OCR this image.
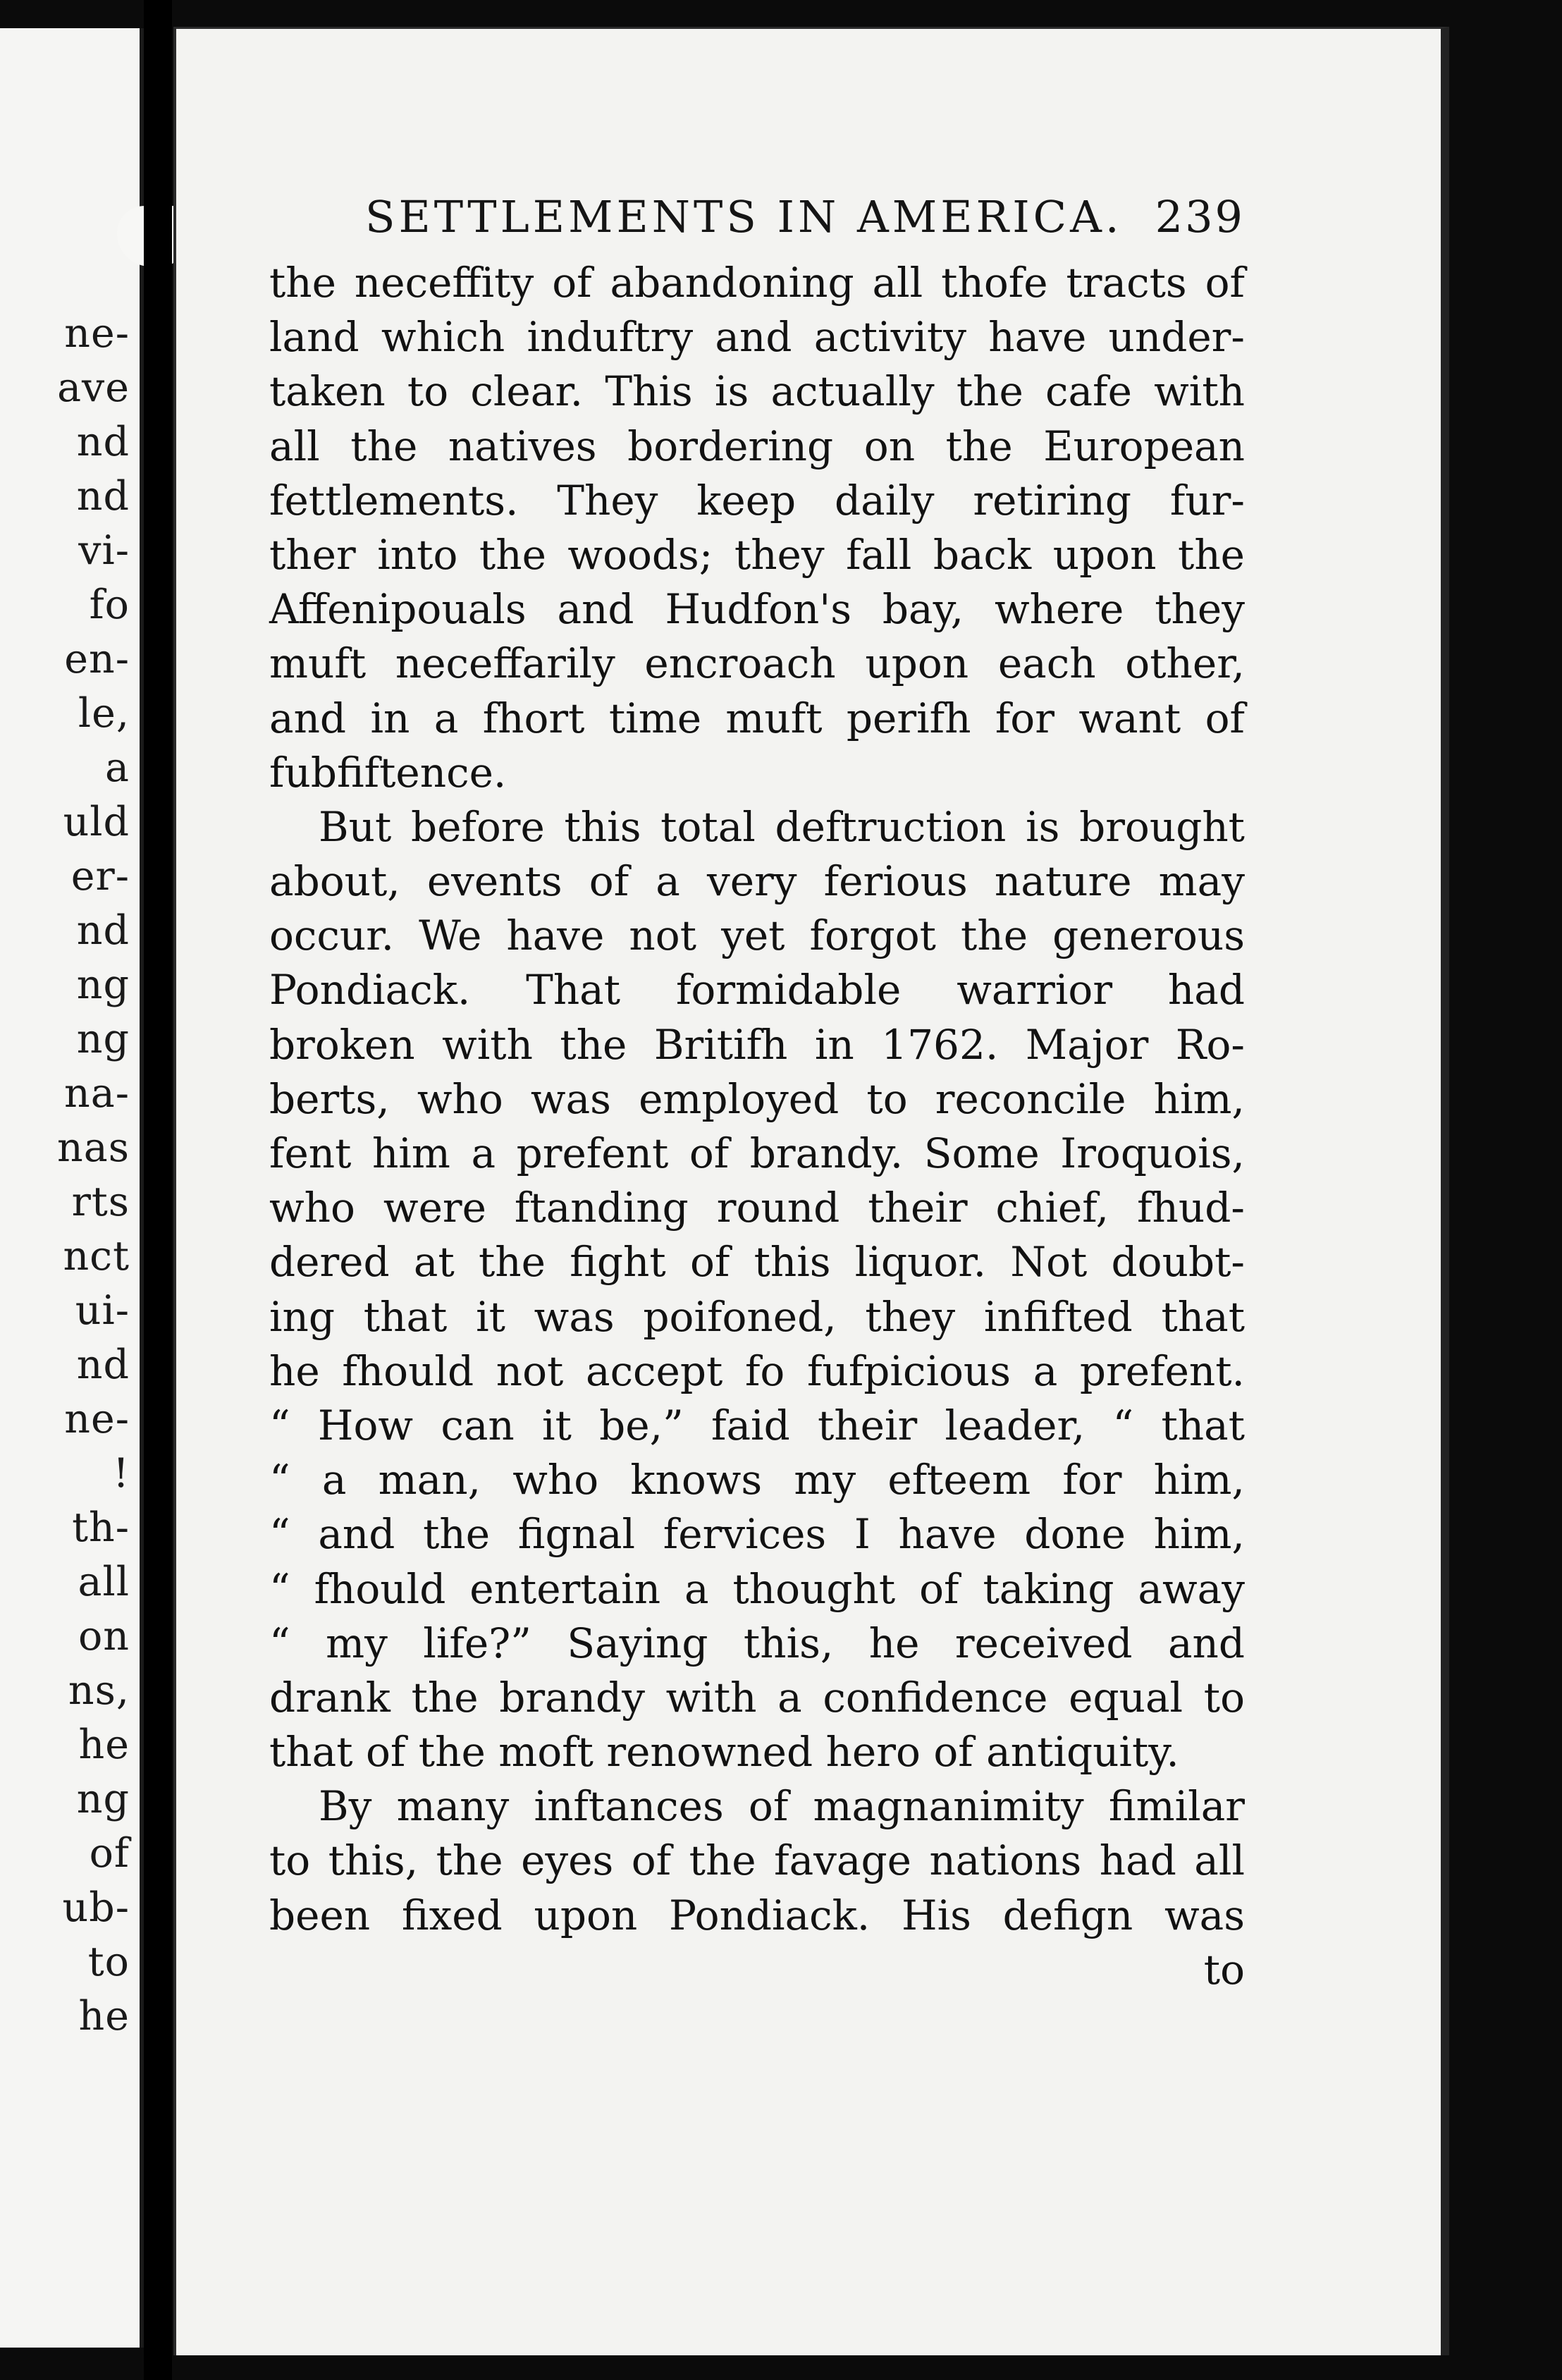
ne-
ave
nd
nd
vi-
fo
en-
le,
a
uld
er-
nd
ng
ng
na-
nas
rts
nct
ui-
nd
ne-
!
th-
all
on
ns,
he
ng
of
ub-
to
he
SETTLEMENTS IN AMERICA. 239
the neceffity of abandoning all thofe tracts of
land which induftry and activity have under-
taken to clear. This is actually the cafe with
all the natives bordering on the European
fettlements. They keep daily retiring fur-
ther into the woods; they fall back upon the
Affenipouals and Hudfon's bay, where they
muft neceffarily encroach upon each other,
and in a fhort time muft perifh for want of
fubfiftence.
But before this total deftruction is brought
about, events of a very ferious nature may
occur. We have not yet forgot the generous
Pondiack. That formidable warrior had
broken with the Britifh in 1762. Major Ro-
berts, who was employed to reconcile him,
fent him a prefent of brandy. Some Iroquois,
who were ftanding round their chief, fhud-
dered at the fight of this liquor. Not doubt-
ing that it was poifoned, they infifted that
he fhould not accept fo fufpicious a prefent.
“ How can it be,” faid their leader, “ that
“ a man, who knows my efteem for him,
“ and the fignal fervices I have done him,
“ fhould entertain a thought of taking away
“ my life?” Saying this, he received and
drank the brandy with a confidence equal to
that of the moft renowned hero of antiquity.
By many inftances of magnanimity fimilar
to this, the eyes of the favage nations had all
been fixed upon Pondiack. His defign was
to
